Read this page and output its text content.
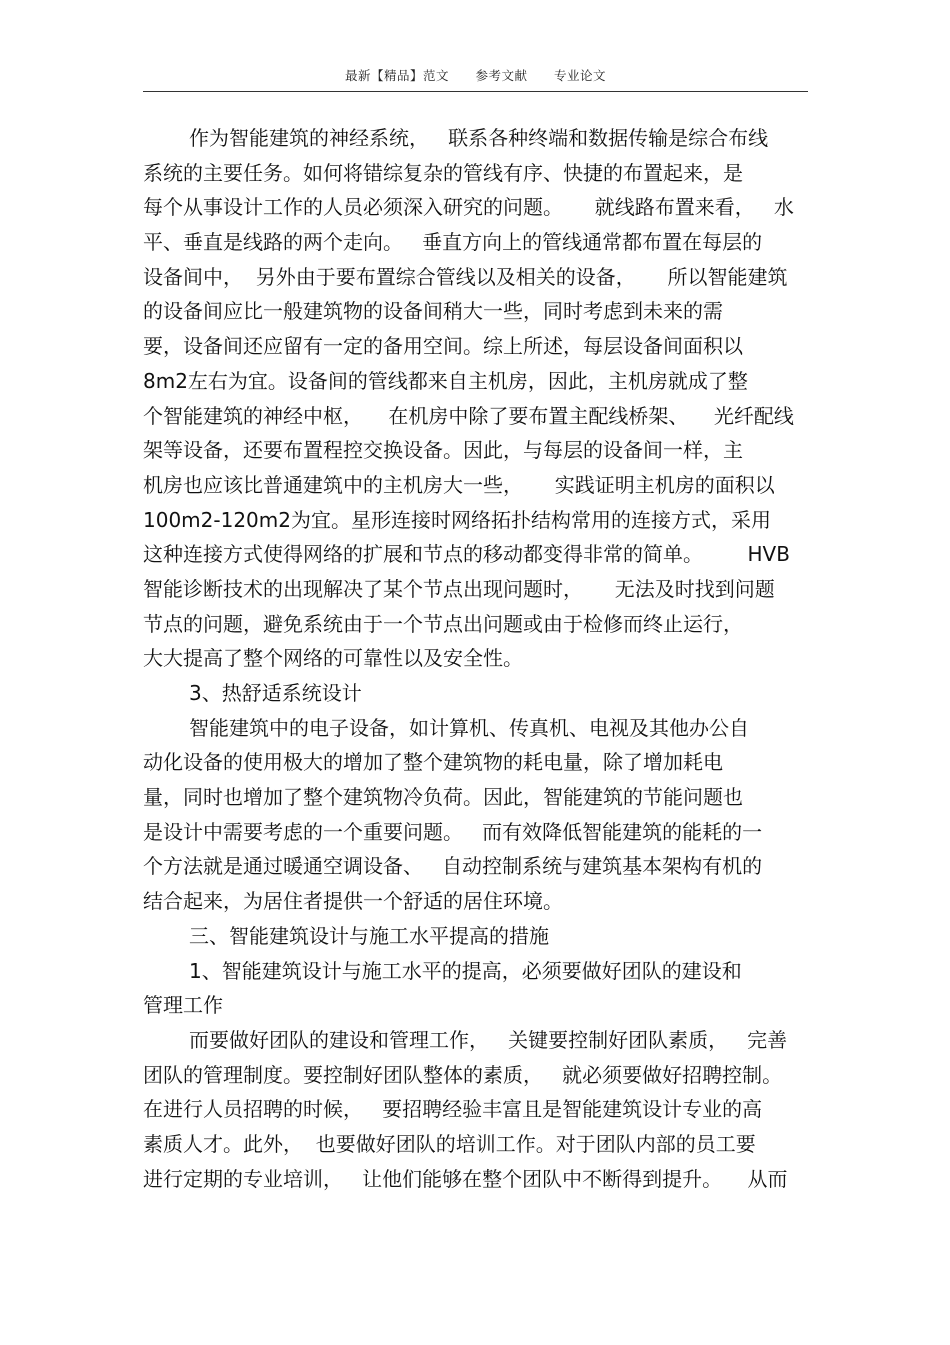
最新【精品】范文 参考文献 专业论文
作为智能建筑的神经系统，   联系各种终端和数据传输是综合布线
系统的主要任务。如何将错综复杂的管线有序、快捷的布置起来，是
每个从事设计工作的人员必须深入研究的问题。     就线路布置来看，   水
平、垂直是线路的两个走向。   垂直方向上的管线通常都布置在每层的
设备间中，  另外由于要布置综合管线以及相关的设备，     所以智能建筑
的设备间应比一般建筑物的设备间稍大一些，同时考虑到未来的需
要，设备间还应留有一定的备用空间。综上所述，每层设备间面积以
8m2左右为宜。设备间的管线都来自主机房，因此，主机房就成了整
个智能建筑的神经中枢，    在机房中除了要布置主配线桥架、    光纤配线
架等设备，还要布置程控交换设备。因此，与每层的设备间一样，主
机房也应该比普通建筑中的主机房大一些，     实践证明主机房的面积以
100m2-120m2为宜。星形连接时网络拓扑结构常用的连接方式，采用
这种连接方式使得网络的扩展和节点的移动都变得非常的简单。       HVB
智能诊断技术的出现解决了某个节点出现问题时，     无法及时找到问题
节点的问题，避免系统由于一个节点出问题或由于检修而终止运行，
大大提高了整个网络的可靠性以及安全性。
3、热舒适系统设计
智能建筑中的电子设备，如计算机、传真机、电视及其他办公自
动化设备的使用极大的增加了整个建筑物的耗电量，除了增加耗电
量，同时也增加了整个建筑物冷负荷。因此，智能建筑的节能问题也
是设计中需要考虑的一个重要问题。   而有效降低智能建筑的能耗的一
个方法就是通过暖通空调设备、   自动控制系统与建筑基本架构有机的
结合起来，为居住者提供一个舒适的居住环境。
三、智能建筑设计与施工水平提高的措施
1、智能建筑设计与施工水平的提高，必须要做好团队的建设和
管理工作
而要做好团队的建设和管理工作，   关键要控制好团队素质，   完善
团队的管理制度。要控制好团队整体的素质，   就必须要做好招聘控制。
在进行人员招聘的时候，   要招聘经验丰富且是智能建筑设计专业的高
素质人才。此外，  也要做好团队的培训工作。对于团队内部的员工要
进行定期的专业培训，   让他们能够在整个团队中不断得到提升。    从而
